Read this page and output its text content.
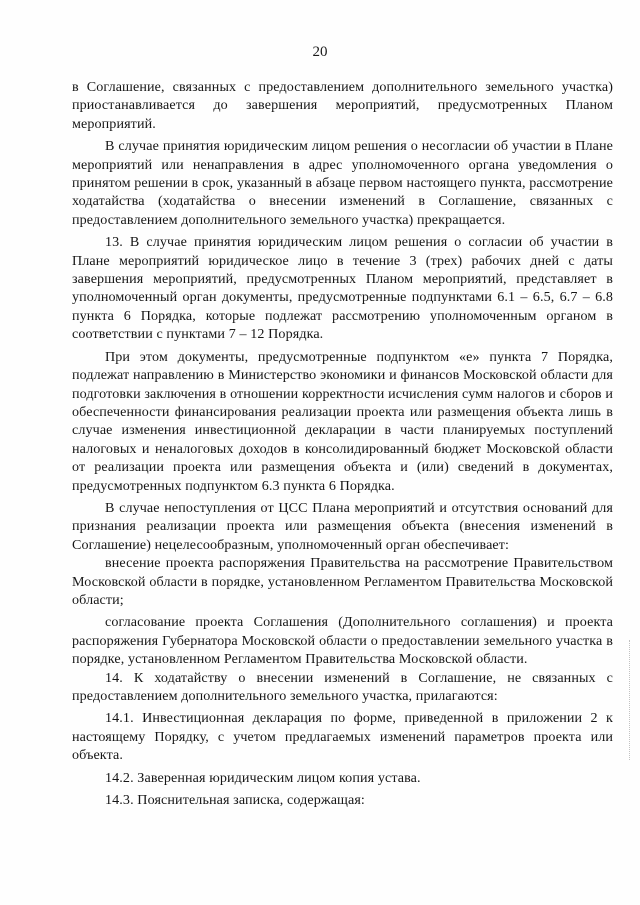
20

в Соглашение, связанных с предоставлением дополнительного земельного участка) приостанавливается до завершения мероприятий, предусмотренных Планом мероприятий.

В случае принятия юридическим лицом решения о несогласии об участии в Плане мероприятий или ненаправления в адрес уполномоченного органа уведомления о принятом решении в срок, указанный в абзаце первом настоящего пункта, рассмотрение ходатайства (ходатайства о внесении изменений в Соглашение, связанных с предоставлением дополнительного земельного участка) прекращается.

13. В случае принятия юридическим лицом решения о согласии об участии в Плане мероприятий юридическое лицо в течение 3 (трех) рабочих дней с даты завершения мероприятий, предусмотренных Планом мероприятий, представляет в уполномоченный орган документы, предусмотренные подпунктами 6.1 – 6.5, 6.7 – 6.8 пункта 6 Порядка, которые подлежат рассмотрению уполномоченным органом в соответствии с пунктами 7 – 12 Порядка.

При этом документы, предусмотренные подпунктом «е» пункта 7 Порядка, подлежат направлению в Министерство экономики и финансов Московской области для подготовки заключения в отношении корректности исчисления сумм налогов и сборов и обеспеченности финансирования реализации проекта или размещения объекта лишь в случае изменения инвестиционной декларации в части планируемых поступлений налоговых и неналоговых доходов в консолидированный бюджет Московской области от реализации проекта или размещения объекта и (или) сведений в документах, предусмотренных подпунктом 6.3 пункта 6 Порядка.

В случае непоступления от ЦСС Плана мероприятий и отсутствия оснований для признания реализации проекта или размещения объекта (внесения изменений в Соглашение) нецелесообразным, уполномоченный орган обеспечивает:

внесение проекта распоряжения Правительства на рассмотрение Правительством Московской области в порядке, установленном Регламентом Правительства Московской области;

согласование проекта Соглашения (Дополнительного соглашения) и проекта распоряжения Губернатора Московской области о предоставлении земельного участка в порядке, установленном Регламентом Правительства Московской области.

14. К ходатайству о внесении изменений в Соглашение, не связанных с предоставлением дополнительного земельного участка, прилагаются:

14.1. Инвестиционная декларация по форме, приведенной в приложении 2 к настоящему Порядку, с учетом предлагаемых изменений параметров проекта или объекта.

14.2. Заверенная юридическим лицом копия устава.

14.3. Пояснительная записка, содержащая:
